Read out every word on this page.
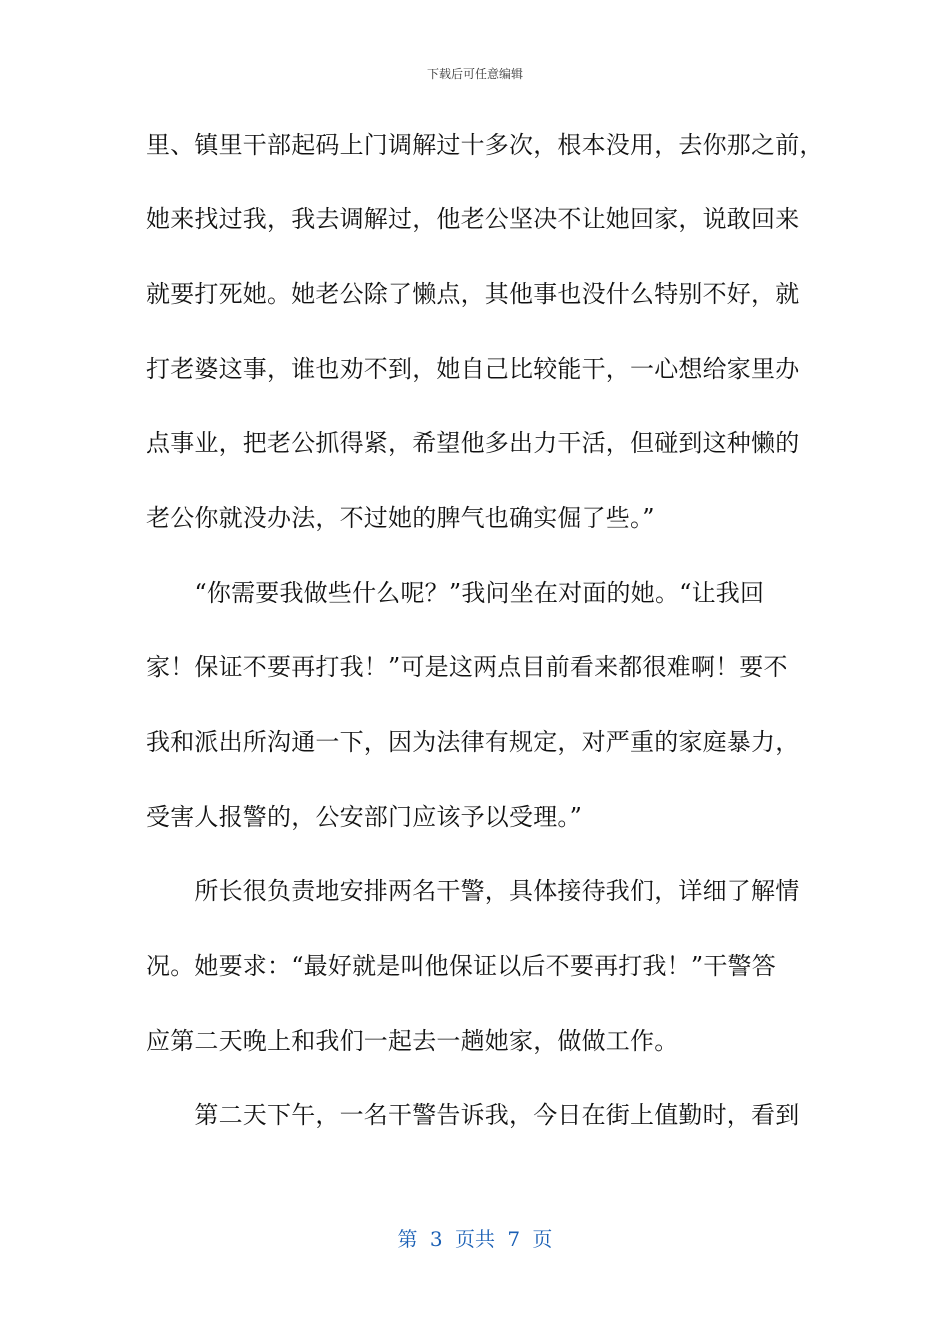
下载后可任意编辑
里、镇里干部起码上门调解过十多次，根本没用，去你那之前，
她来找过我，我去调解过，他老公坚决不让她回家，说敢回来
就要打死她。她老公除了懒点，其他事也没什么特别不好，就
打老婆这事，谁也劝不到，她自己比较能干，一心想给家里办
点事业，把老公抓得紧，希望他多出力干活，但碰到这种懒的
老公你就没办法，不过她的脾气也确实倔了些。”
　　“你需要我做些什么呢？”我问坐在对面的她。“让我回
家！保证不要再打我！”可是这两点目前看来都很难啊！要不
我和派出所沟通一下，因为法律有规定，对严重的家庭暴力，
受害人报警的，公安部门应该予以受理。”
　　所长很负责地安排两名干警，具体接待我们，详细了解情
况。她要求：“最好就是叫他保证以后不要再打我！”干警答
应第二天晚上和我们一起去一趟她家，做做工作。
　　第二天下午，一名干警告诉我，今日在街上值勤时，看到
第 3 页共 7 页
